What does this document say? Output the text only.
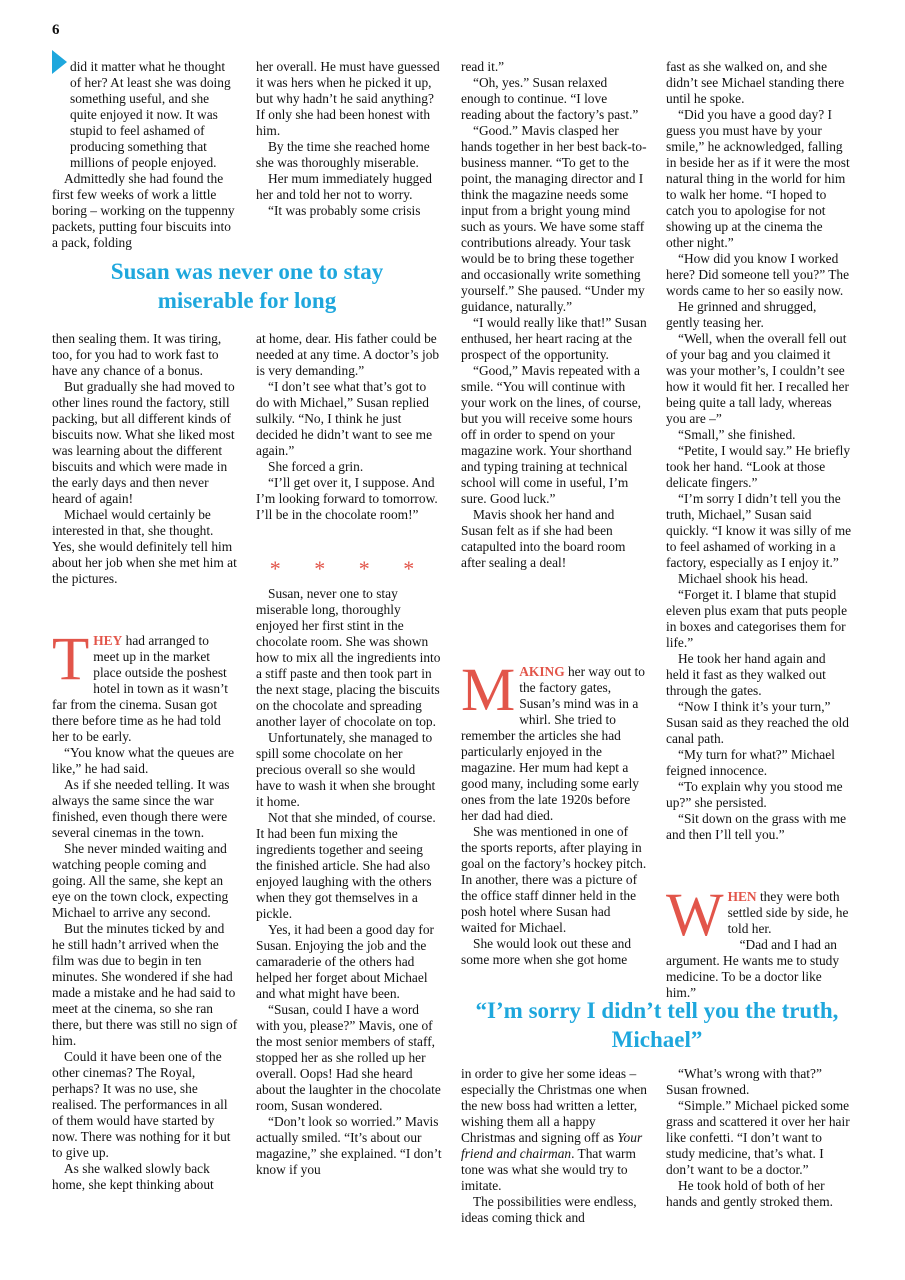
6

did it matter what he thought of her? At least she was doing something useful, and she quite enjoyed it now. It was stupid to feel ashamed of producing something that millions of people enjoyed.

Admittedly she had found the first few weeks of work a little boring – working on the tuppenny packets, putting four biscuits into a pack, folding

her overall. He must have guessed it was hers when he picked it up, but why hadn’t he said anything? If only she had been honest with him.

By the time she reached home she was thoroughly miserable.

Her mum immediately hugged her and told her not to worry.

“It was probably some crisis

Susan was never one to stay miserable for long

then sealing them. It was tiring, too, for you had to work fast to have any chance of a bonus.

But gradually she had moved to other lines round the factory, still packing, but all different kinds of biscuits now. What she liked most was learning about the different biscuits and which were made in the early days and then never heard of again!

Michael would certainly be interested in that, she thought. Yes, she would definitely tell him about her job when she met him at the pictures.

THEY had arranged to meet up in the market place outside the poshest hotel in town as it wasn’t far from the cinema. Susan got there before time as he had told her to be early.

“You know what the queues are like,” he had said.

As if she needed telling. It was always the same since the war finished, even though there were several cinemas in the town.

She never minded waiting and watching people coming and going. All the same, she kept an eye on the town clock, expecting Michael to arrive any second.

But the minutes ticked by and he still hadn’t arrived when the film was due to begin in ten minutes. She wondered if she had made a mistake and he had said to meet at the cinema, so she ran there, but there was still no sign of him.

Could it have been one of the other cinemas? The Royal, perhaps? It was no use, she realised. The performances in all of them would have started by now. There was nothing for it but to give up.

As she walked slowly back home, she kept thinking about

at home, dear. His father could be needed at any time. A doctor’s job is very demanding.”

“I don’t see what that’s got to do with Michael,” Susan replied sulkily. “No, I think he just decided he didn’t want to see me again.”

She forced a grin.

“I’ll get over it, I suppose. And I’m looking forward to tomorrow. I’ll be in the chocolate room!”

* * * *

Susan, never one to stay miserable long, thoroughly enjoyed her first stint in the chocolate room. She was shown how to mix all the ingredients into a stiff paste and then took part in the next stage, placing the biscuits on the chocolate and spreading another layer of chocolate on top.

Unfortunately, she managed to spill some chocolate on her precious overall so she would have to wash it when she brought it home.

Not that she minded, of course. It had been fun mixing the ingredients together and seeing the finished article. She had also enjoyed laughing with the others when they got themselves in a pickle.

Yes, it had been a good day for Susan. Enjoying the job and the camaraderie of the others had helped her forget about Michael and what might have been.

“Susan, could I have a word with you, please?” Mavis, one of the most senior members of staff, stopped her as she rolled up her overall. Oops! Had she heard about the laughter in the chocolate room, Susan wondered.

“Don’t look so worried.” Mavis actually smiled. “It’s about our magazine,” she explained. “I don’t know if you

read it.”

“Oh, yes.” Susan relaxed enough to continue. “I love reading about the factory’s past.”

“Good.” Mavis clasped her hands together in her best back-to-business manner. “To get to the point, the managing director and I think the magazine needs some input from a bright young mind such as yours. We have some staff contributions already. Your task would be to bring these together and occasionally write something yourself.” She paused. “Under my guidance, naturally.”

“I would really like that!” Susan enthused, her heart racing at the prospect of the opportunity.

“Good,” Mavis repeated with a smile. “You will continue with your work on the lines, of course, but you will receive some hours off in order to spend on your magazine work. Your shorthand and typing training at technical school will come in useful, I’m sure. Good luck.”

Mavis shook her hand and Susan felt as if she had been catapulted into the board room after sealing a deal!

MAKING her way out to the factory gates, Susan’s mind was in a whirl. She tried to remember the articles she had particularly enjoyed in the magazine. Her mum had kept a good many, including some early ones from the late 1920s before her dad had died.

She was mentioned in one of the sports reports, after playing in goal on the factory’s hockey pitch. In another, there was a picture of the office staff dinner held in the posh hotel where Susan had waited for Michael.

She would look out these and some more when she got home

fast as she walked on, and she didn’t see Michael standing there until he spoke.

“Did you have a good day? I guess you must have by your smile,” he acknowledged, falling in beside her as if it were the most natural thing in the world for him to walk her home. “I hoped to catch you to apologise for not showing up at the cinema the other night.”

“How did you know I worked here? Did someone tell you?” The words came to her so easily now.

He grinned and shrugged, gently teasing her.

“Well, when the overall fell out of your bag and you claimed it was your mother’s, I couldn’t see how it would fit her. I recalled her being quite a tall lady, whereas you are –”

“Small,” she finished.

“Petite, I would say.” He briefly took her hand. “Look at those delicate fingers.”

“I’m sorry I didn’t tell you the truth, Michael,” Susan said quickly. “I know it was silly of me to feel ashamed of working in a factory, especially as I enjoy it.”

Michael shook his head.

“Forget it. I blame that stupid eleven plus exam that puts people in boxes and categorises them for life.”

He took her hand again and held it fast as they walked out through the gates.

“Now I think it’s your turn,” Susan said as they reached the old canal path.

“My turn for what?” Michael feigned innocence.

“To explain why you stood me up?” she persisted.

“Sit down on the grass with me and then I’ll tell you.”

WHEN they were both settled side by side, he told her.

“Dad and I had an argument. He wants me to study medicine. To be a doctor like him.”

“I’m sorry I didn’t tell you the truth, Michael”

in order to give her some ideas – especially the Christmas one when the new boss had written a letter, wishing them all a happy Christmas and signing off as Your friend and chairman. That warm tone was what she would try to imitate.

The possibilities were endless, ideas coming thick and

“What’s wrong with that?” Susan frowned.

“Simple.” Michael picked some grass and scattered it over her hair like confetti. “I don’t want to study medicine, that’s what. I don’t want to be a doctor.”

He took hold of both of her hands and gently stroked them.
